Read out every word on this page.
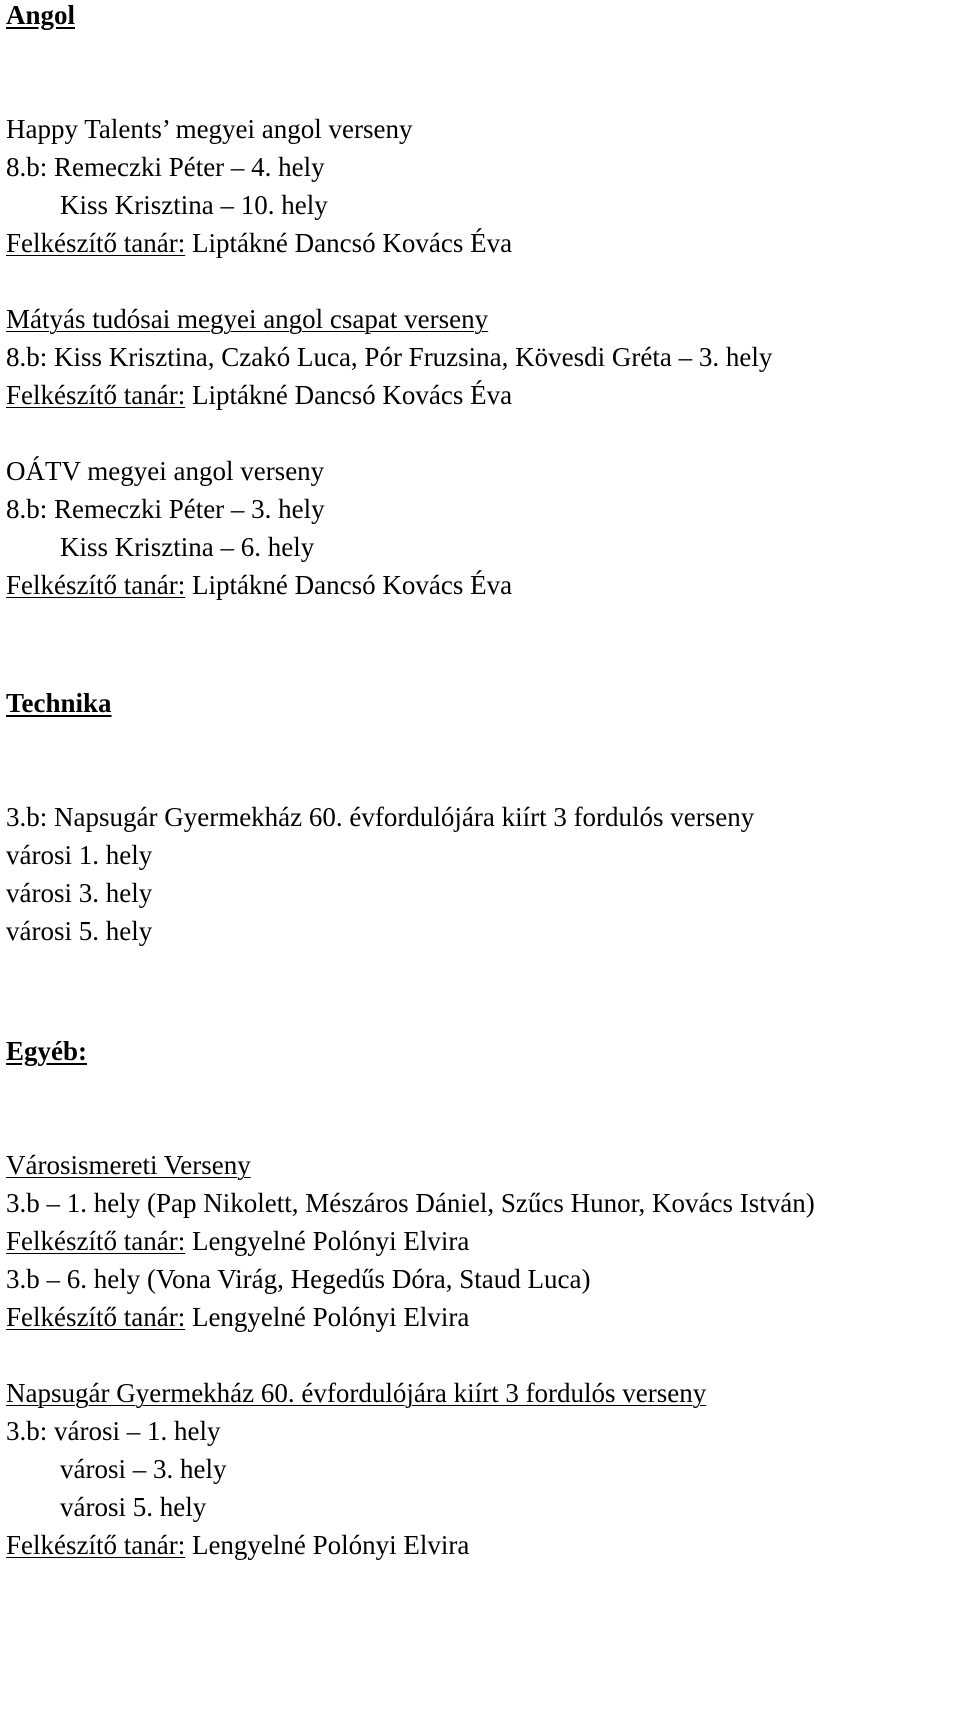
Angol
Happy Talents’ megyei angol verseny
8.b: Remeczki Péter – 4. hely
Kiss Krisztina – 10. hely
Felkészítő tanár: Liptákné Dancsó Kovács Éva
Mátyás tudósai megyei angol csapat verseny
8.b: Kiss Krisztina, Czakó Luca, Pór Fruzsina, Kövesdi Gréta – 3. hely
Felkészítő tanár: Liptákné Dancsó Kovács Éva
OÁTV megyei angol verseny
8.b: Remeczki Péter – 3. hely
Kiss Krisztina – 6. hely
Felkészítő tanár: Liptákné Dancsó Kovács Éva
Technika
3.b: Napsugár Gyermekház 60. évfordulójára kiírt 3 fordulós verseny
városi 1. hely
városi 3. hely
városi 5. hely
Egyéb:
Városismereti Verseny
3.b – 1. hely (Pap Nikolett, Mészáros Dániel, Szűcs Hunor, Kovács István)
Felkészítő tanár: Lengyelné Polónyi Elvira
3.b – 6. hely (Vona Virág, Hegedűs Dóra, Staud Luca)
Felkészítő tanár: Lengyelné Polónyi Elvira
Napsugár Gyermekház 60. évfordulójára kiírt 3 fordulós verseny
3.b: városi – 1. hely
városi – 3. hely
városi 5. hely
Felkészítő tanár: Lengyelné Polónyi Elvira
